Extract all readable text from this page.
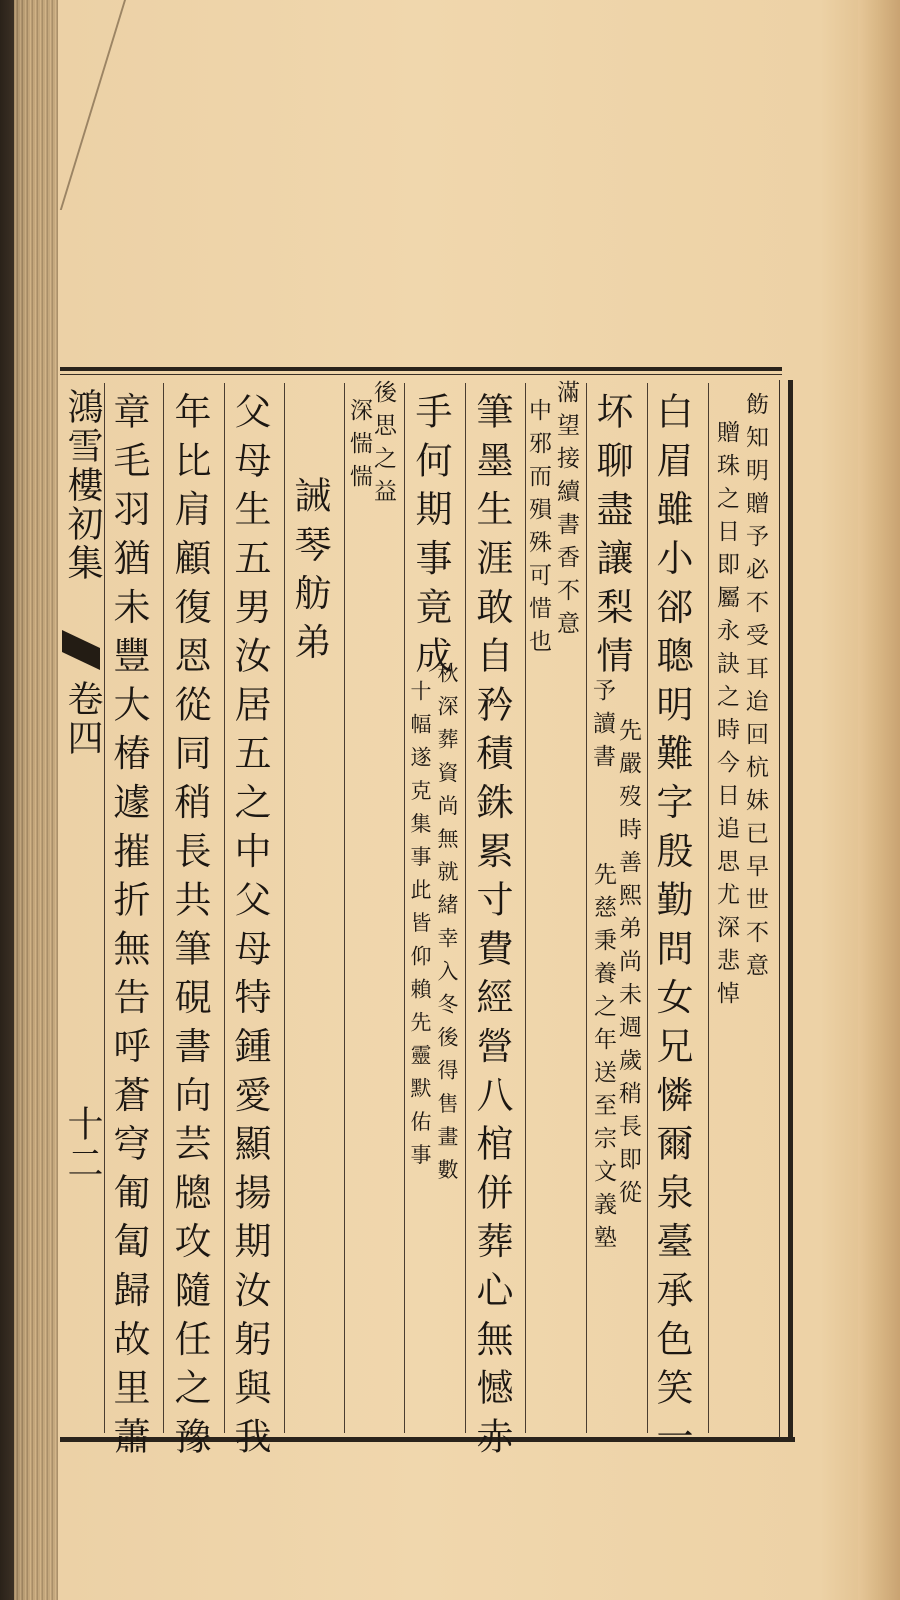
鴻雪樓初集
卷四
十二
飭知明贈予必不受耳迨回杭妹已早世不意
贈珠之日即屬永訣之時今日追思尤深悲悼
白眉雖小郤聰明難字殷勤問女兄憐爾泉臺承色笑一
坏聊盡讓梨情
予讀書 先嚴歿時善熙弟尚未週歲稍長即從
先慈秉養之年送至宗文義塾
滿望接續書香不意
中邪而殞殊可惜也
筆墨生涯敢自矜積銖累寸費經營八棺併葬心無憾赤
手何期事竟成
秋深葬資尚無就緒幸入冬後得售畫數
十幅遂克集事此皆仰賴先靈默佑事
後思之益
深惴惴
誡琴舫弟
父母生五男汝居五之中父母特鍾愛顯揚期汝躬與我
年比肩顧復恩從同稍長共筆硯書向芸牕攻隨任之豫
章毛羽猶未豐大椿遽摧折無告呼蒼穹匍匐歸故里蕭
